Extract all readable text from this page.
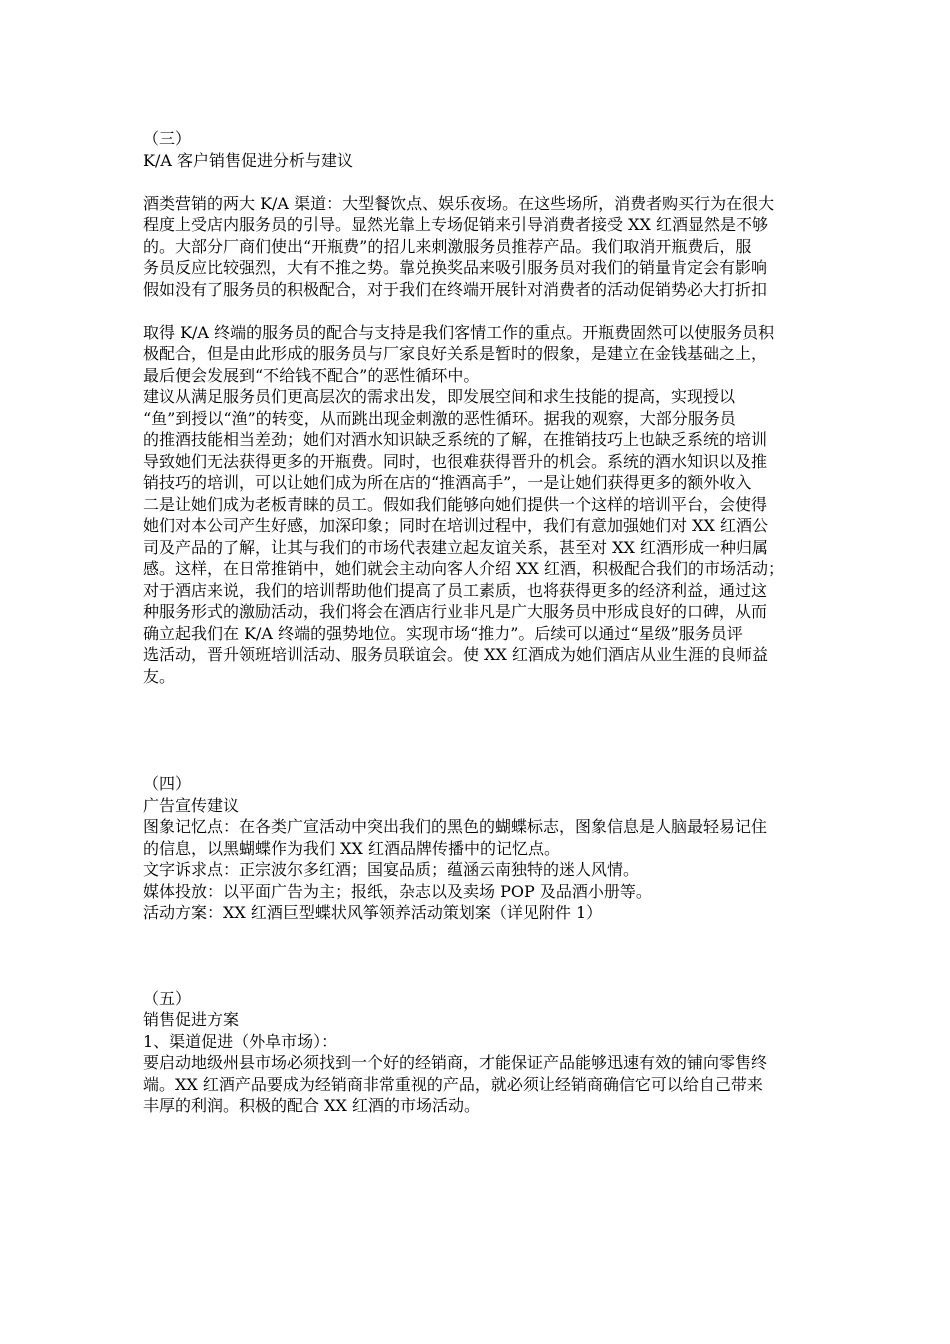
（三）
K/A 客户销售促进分析与建议
酒类营销的两大 K/A 渠道：大型餐饮点、娱乐夜场。在这些场所，消费者购买行为在很大
程度上受店内服务员的引导。显然光靠上专场促销来引导消费者接受 XX 红酒显然是不够
的。大部分厂商们使出“开瓶费”的招儿来刺激服务员推荐产品。我们取消开瓶费后，服
务员反应比较强烈，大有不推之势。靠兑换奖品来吸引服务员对我们的销量肯定会有影响
假如没有了服务员的积极配合，对于我们在终端开展针对消费者的活动促销势必大打折扣
取得 K/A 终端的服务员的配合与支持是我们客情工作的重点。开瓶费固然可以使服务员积
极配合，但是由此形成的服务员与厂家良好关系是暂时的假象，是建立在金钱基础之上，
最后便会发展到“不给钱不配合”的恶性循环中。
建议从满足服务员们更高层次的需求出发，即发展空间和求生技能的提高，实现授以
“鱼”到授以“渔”的转变，从而跳出现金刺激的恶性循环。据我的观察，大部分服务员
的推酒技能相当差劲；她们对酒水知识缺乏系统的了解，在推销技巧上也缺乏系统的培训
导致她们无法获得更多的开瓶费。同时，也很难获得晋升的机会。系统的酒水知识以及推
销技巧的培训，可以让她们成为所在店的“推酒高手”，一是让她们获得更多的额外收入
二是让她们成为老板青睐的员工。假如我们能够向她们提供一个这样的培训平台，会使得
她们对本公司产生好感，加深印象；同时在培训过程中，我们有意加强她们对 XX 红酒公
司及产品的了解，让其与我们的市场代表建立起友谊关系，甚至对 XX 红酒形成一种归属
感。这样，在日常推销中，她们就会主动向客人介绍 XX 红酒，积极配合我们的市场活动；
对于酒店来说，我们的培训帮助他们提高了员工素质，也将获得更多的经济利益，通过这
种服务形式的激励活动，我们将会在酒店行业非凡是广大服务员中形成良好的口碑，从而
确立起我们在 K/A 终端的强势地位。实现市场“推力”。后续可以通过“星级”服务员评
选活动，晋升领班培训活动、服务员联谊会。使 XX 红酒成为她们酒店从业生涯的良师益
友。
（四）
广告宣传建议
图象记忆点：在各类广宣活动中突出我们的黑色的蝴蝶标志，图象信息是人脑最轻易记住
的信息，以黑蝴蝶作为我们 XX 红酒品牌传播中的记忆点。
文字诉求点：正宗波尔多红酒；国宴品质；蕴涵云南独特的迷人风情。
媒体投放：以平面广告为主；报纸，杂志以及卖场 POP 及品酒小册等。
活动方案：XX 红酒巨型蝶状风筝领养活动策划案（详见附件 1）
（五）
销售促进方案
1、渠道促进（外阜市场）：
要启动地级州县市场必须找到一个好的经销商，才能保证产品能够迅速有效的铺向零售终
端。XX 红酒产品要成为经销商非常重视的产品，就必须让经销商确信它可以给自己带来
丰厚的利润。积极的配合 XX 红酒的市场活动。
